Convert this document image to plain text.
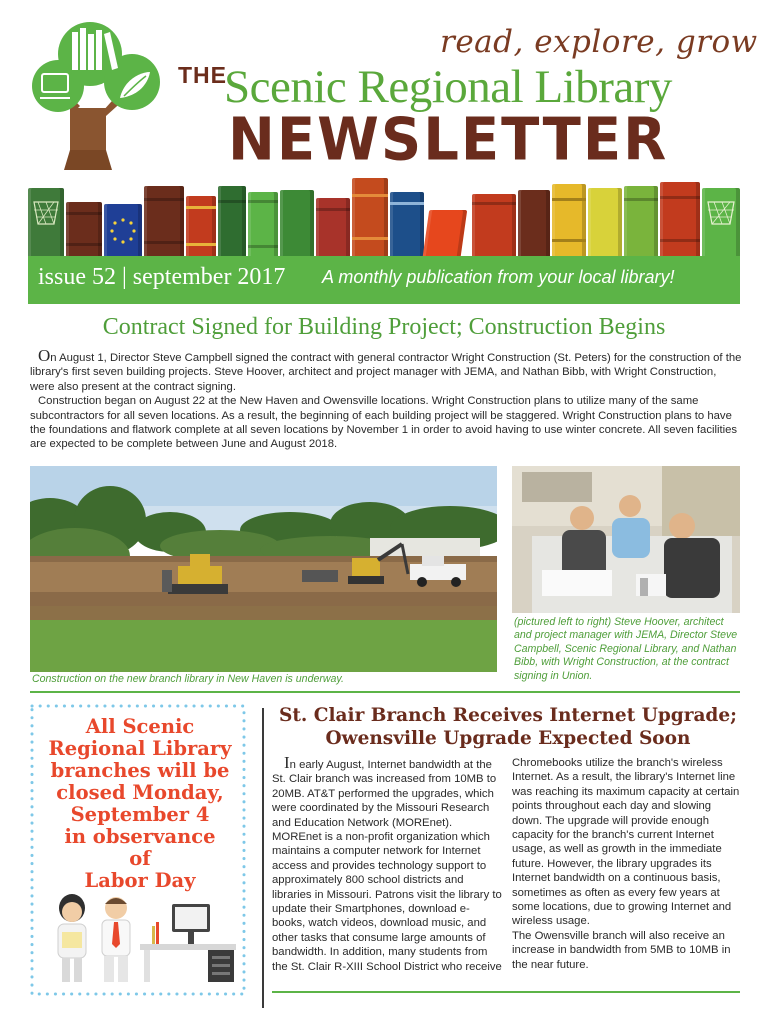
read, explore, grow
THE
Scenic Regional Library
NEWSLETTER
issue 52 | september 2017 A monthly publication from your local library!
Contract Signed for Building Project; Construction Begins

On August 1, Director Steve Campbell signed the contract with general contractor Wright Construction (St. Peters) for the construction of the library's first seven building projects. Steve Hoover, architect and project manager with JEMA, and Nathan Bibb, with Wright Construction, were also present at the contract signing.

Construction began on August 22 at the New Haven and Owensville locations. Wright Construction plans to utilize many of the same subcontractors for all seven locations. As a result, the beginning of each building project will be staggered. Wright Construction plans to have the foundations and flatwork complete at all seven locations by November 1 in order to avoid having to use winter concrete. All seven facilities are expected to be complete between June and August 2018.

(pictured left to right) Steve Hoover, architect and project manager with JEMA, Director Steve Campbell, Scenic Regional Library, and Nathan Bibb, with Wright Construction, at the contract signing in Union.
Construction on the new branch library in New Haven is underway.
All Scenic
Regional Library
branches will be
closed Monday,
September 4
in observance
of
Labor Day
St. Clair Branch Receives Internet Upgrade;
Owensville Upgrade Expected Soon

In early August, Internet bandwidth at the St. Clair branch was increased from 10MB to 20MB. AT&T performed the upgrades, which were coordinated by the Missouri Research and Education Network (MOREnet). MOREnet is a non-profit organization which maintains a computer network for Internet access and provides technology support to approximately 800 school districts and libraries in Missouri. Patrons visit the library to update their Smartphones, download e-books, watch videos, download music, and other tasks that consume large amounts of bandwidth. In addition, many students from the St. Clair R-XIII School District who receive

Chromebooks utilize the branch's wireless Internet. As a result, the library's Internet line was reaching its maximum capacity at certain points throughout each day and slowing down. The upgrade will provide enough capacity for the branch's current Internet usage, as well as growth in the immediate future. However, the library upgrades its Internet bandwidth on a continuous basis, sometimes as often as every few years at some locations, due to growing Internet and wireless usage.

The Owensville branch will also receive an increase in bandwidth from 5MB to 10MB in the near future.
